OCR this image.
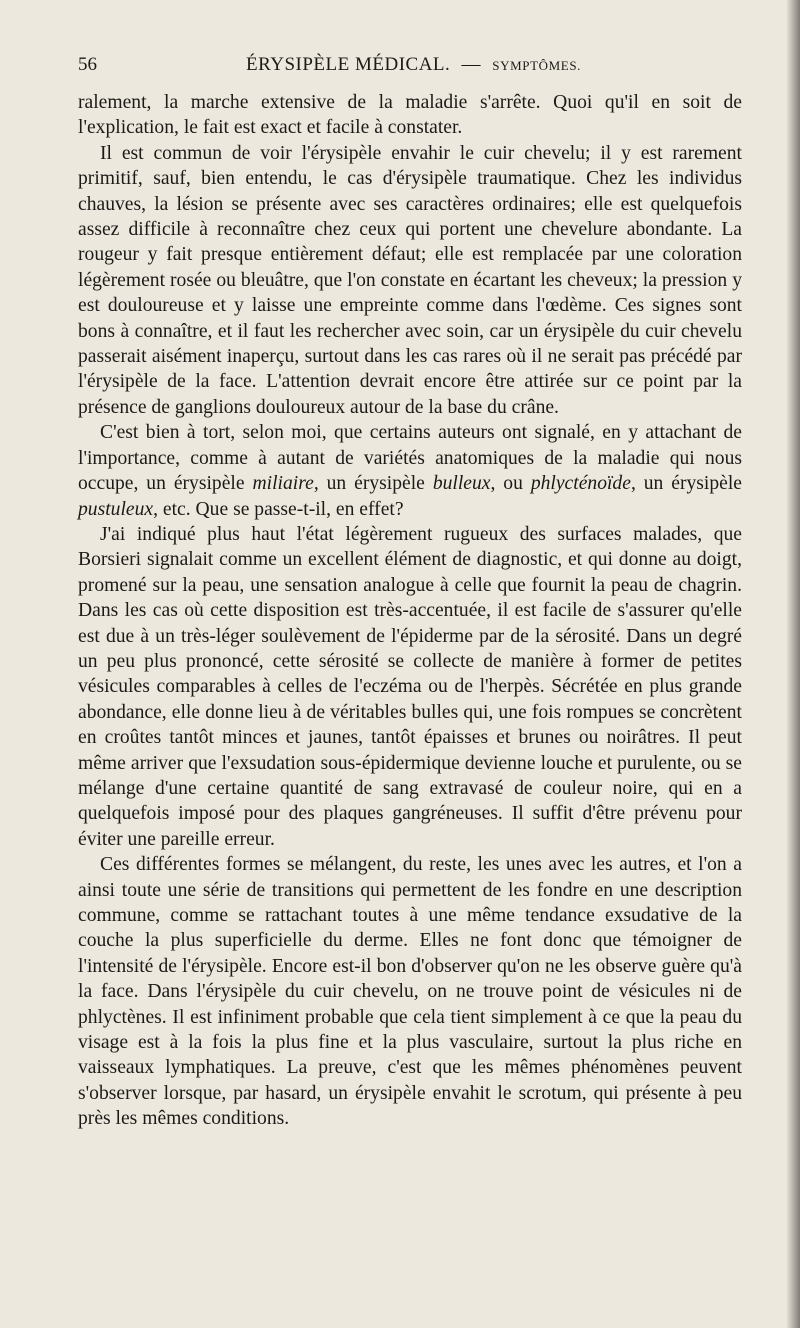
56	ÉRYSIPÈLE MÉDICAL. — SYMPTÔMES.

ralement, la marche extensive de la maladie s'arrête. Quoi qu'il en soit de l'explication, le fait est exact et facile à constater.

Il est commun de voir l'érysipèle envahir le cuir chevelu; il y est rarement primitif, sauf, bien entendu, le cas d'érysipèle traumatique. Chez les individus chauves, la lésion se présente avec ses caractères ordinaires; elle est quelquefois assez difficile à reconnaître chez ceux qui portent une chevelure abondante. La rougeur y fait presque entièrement défaut; elle est remplacée par une coloration légèrement rosée ou bleuâtre, que l'on constate en écartant les cheveux; la pression y est douloureuse et y laisse une empreinte comme dans l'œdème. Ces signes sont bons à connaître, et il faut les rechercher avec soin, car un érysipèle du cuir chevelu passerait aisément inaperçu, surtout dans les cas rares où il ne serait pas précédé par l'érysipèle de la face. L'attention devrait encore être attirée sur ce point par la présence de ganglions douloureux autour de la base du crâne.

C'est bien à tort, selon moi, que certains auteurs ont signalé, en y attachant de l'importance, comme à autant de variétés anatomiques de la maladie qui nous occupe, un érysipèle miliaire, un érysipèle bulleux, ou phlycténoïde, un érysipèle pustuleux, etc. Que se passe-t-il, en effet?

J'ai indiqué plus haut l'état légèrement rugueux des surfaces malades, que Borsieri signalait comme un excellent élément de diagnostic, et qui donne au doigt, promené sur la peau, une sensation analogue à celle que fournit la peau de chagrin. Dans les cas où cette disposition est très-accentuée, il est facile de s'assurer qu'elle est due à un très-léger soulèvement de l'épiderme par de la sérosité. Dans un degré un peu plus prononcé, cette sérosité se collecte de manière à former de petites vésicules comparables à celles de l'eczéma ou de l'herpès. Sécrétée en plus grande abondance, elle donne lieu à de véritables bulles qui, une fois rompues se concrètent en croûtes tantôt minces et jaunes, tantôt épaisses et brunes ou noirâtres. Il peut même arriver que l'exsudation sous-épidermique devienne louche et purulente, ou se mélange d'une certaine quantité de sang extravasé de couleur noire, qui en a quelquefois imposé pour des plaques gangréneuses. Il suffit d'être prévenu pour éviter une pareille erreur.

Ces différentes formes se mélangent, du reste, les unes avec les autres, et l'on a ainsi toute une série de transitions qui permettent de les fondre en une description commune, comme se rattachant toutes à une même tendance exsudative de la couche la plus superficielle du derme. Elles ne font donc que témoigner de l'intensité de l'érysipèle. Encore est-il bon d'observer qu'on ne les observe guère qu'à la face. Dans l'érysipèle du cuir chevelu, on ne trouve point de vésicules ni de phlyctènes. Il est infiniment probable que cela tient simplement à ce que la peau du visage est à la fois la plus fine et la plus vasculaire, surtout la plus riche en vaisseaux lymphatiques. La preuve, c'est que les mêmes phénomènes peuvent s'observer lorsque, par hasard, un érysipèle envahit le scrotum, qui présente à peu près les mêmes conditions.
